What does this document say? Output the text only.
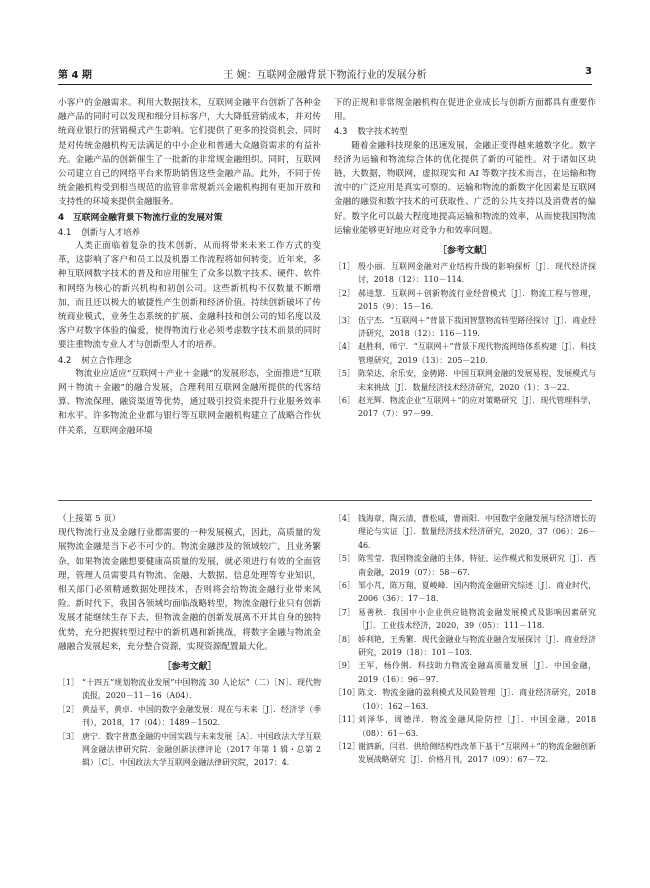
第 4 期	王 婉：互联网金融背景下物流行业的发展分析	3

小客户的金融需求。利用大数据技术，互联网金融平台创新了各种金融产品的同时可以发现和细分目标客户，大大降低营销成本，并对传统商业银行的营销模式产生影响。它们提供了更多的投资机会，同时是对传统金融机构无法满足的中小企业和普通大众融资需求的有益补充。金融产品的创新催生了一批新的非常规金融组织。同时，互联网公司建立自己的网络平台来帮助销售这些金融产品。此外，不同于传统金融机构受到相当规范的监管非常规新兴金融机构拥有更加开放和支持性的环境来提供金融服务。

4　互联网金融背景下物流行业的发展对策

4.1 创新与人才培养

人类正面临着复杂的技术创新，从而将带来未来工作方式的变革，这影响了客户和员工以及机器工作流程将如何转变。近年来，多种互联网数字技术的普及和应用催生了众多以数字技术、硬件、软件和网络为核心的新兴机构和初创公司。这些新机构不仅数量不断增加，而且还以极大的敏捷性产生创新和经济价值。持续创新破坏了传统商业模式，业务生态系统的扩展、金融科技和创公司的知名度以及客户对数字体验的偏爱，使得物流行业必须考虑数字技术前景的同时要注重物流专业人才与创新型人才的培养。

4.2 树立合作理念

物流业应适应“互联网＋产业＋金融”的发展形态，全面推进“互联网＋物流＋金融”的融合发展，合理利用互联网金融所提供的代客结算、物流保理、融资渠道等优势，通过吸引投资来提升行业服务效率和水平。许多物流企业都与银行等互联网金融机构建立了战略合作伙伴关系，互联网金融环境

下的正规和非常规金融机构在促进企业成长与创新方面都具有重要作用。

4.3 数字技术转型

随着金融科技现象的迅速发展，金融正变得越来越数字化。数字经济为运输和物流综合体的优化提供了新的可能性。对于诸如区块链，大数据，物联网，虚拟现实和 AI 等数字技术而言，在运输和物流中的广泛应用是真实可察的。运输和物流的新数字化因素是互联网金融的融资和数字技术的可获取性、广泛的公共支持以及消费者的偏好。数字化可以最大程度地提高运输和物流的效率，从而使我国物流运输业能够更好地应对竞争力和效率问题。

［参考文献］
［1］ 殷小丽．互联网金融对产业结构升级的影响探析［J］．现代经济探讨，2018（12）：110－114．
［2］ 郝逵慧．互联网＋创新物流行业经营模式［J］．物流工程与管理，2015（9）：15－16．
［3］ 伍宁杰．“互联网＋”背景下我国智慧物流转型路径探讨［J］．商业经济研究，2018（12）：116－119．
［4］ 赵胜利，师宁．“互联网＋”背景下现代物流网络体系构建［J］．科技管理研究，2019（13）：205－210．
［5］ 陈荣达，余乐安，金骋路．中国互联网金融的发展易程、发展模式与未来挑战［J］．数量经济技术经济研究，2020（1）：3－22．
［6］ 赵光辉．物流企业“互联网＋”的应对策略研究［J］．现代管理科学，2017（7）：97－99．

（上接第 5 页）

现代物流行业及金融行业都需要的一种发展模式，因此，高质量的发展物流金融是当下必不可少的。物流金融涉及的领域较广，且业务繁杂，如果物流金融想要健康高质量的发展，就必须进行有效的全面管理，管理人员需要具有物流、金融、大数据、信息处理等专业知识，相关部门必须精通数据处理技术，否则将会给物流金融行业带来风险。新时代下，我国各领域均面临战略转型，物流金融行业只有创新发展才能继续生存下去，但物流金融的创新发展离不开其自身的独特优势，充分把握转型过程中的新机遇和新挑战，将数字金融与物流金融融合发展起来，充分整合资源，实现资源配置最大化。

［参考文献］
［1］ “十四五”规划物流业发展”中国物流 30 人论坛”（二）［N］．现代物流报，2020－11－16（A04）．
［2］ 黄益平，黄卓．中国的数字金融发展：现在与未来［J］．经济学（季刊），2018，17（04）：1489－1502．
［3］ 唐宁．数字普惠金融的中国实践与未来发展［A］．中国政法大学互联网金融法律研究院．金融创新法律评论（2017 年第 1 辑・总第 2 辑）［C］．中国政法大学互联网金融法律研究院，2017：4．
［4］ 钱海章，陶云清，曹松威，曹雨阳．中国数字金融发展与经济增长的理论与实证［J］．数量经济技术经济研究，2020，37（06）：26－46．
［5］ 陈雪莹．我国物流金融的主体、特征、运作模式和发展研究［J］．西南金融，2019（07）：58－67．
［6］ 邹小芃，陈万翔，夏峻峰．国内物流金融研究综述［J］．商业时代，2006（36）：17－18．
［7］ 易善秋．我国中小企业供应链物流金融发展模式及影响因素研究［J］．工业技术经济，2020，39（05）：111－118．
［8］ 娇利艳，王秀繁．现代金融业与物流业融合发展探讨［J］．商业经济研究，2019（18）：101－103．
［9］ 王军，杨伶俐．科技助力物流金融高质量发展［J］．中国金融，2019（16）：96－97．
［10］
陈文．物流金融的盈利模式及风险管理［J］．商业经济研究，2018（10）：162－163．
［11］
刘泽华，周德洋．物流金融风险防控［J］．中国金融，2018（08）：61－63．
［12］
谢泗新，闫君．供给侧结构性改革下基于“互联网＋”的物流金融创新发展战略研究［J］．价格月刊，2017（09）：67－72．
